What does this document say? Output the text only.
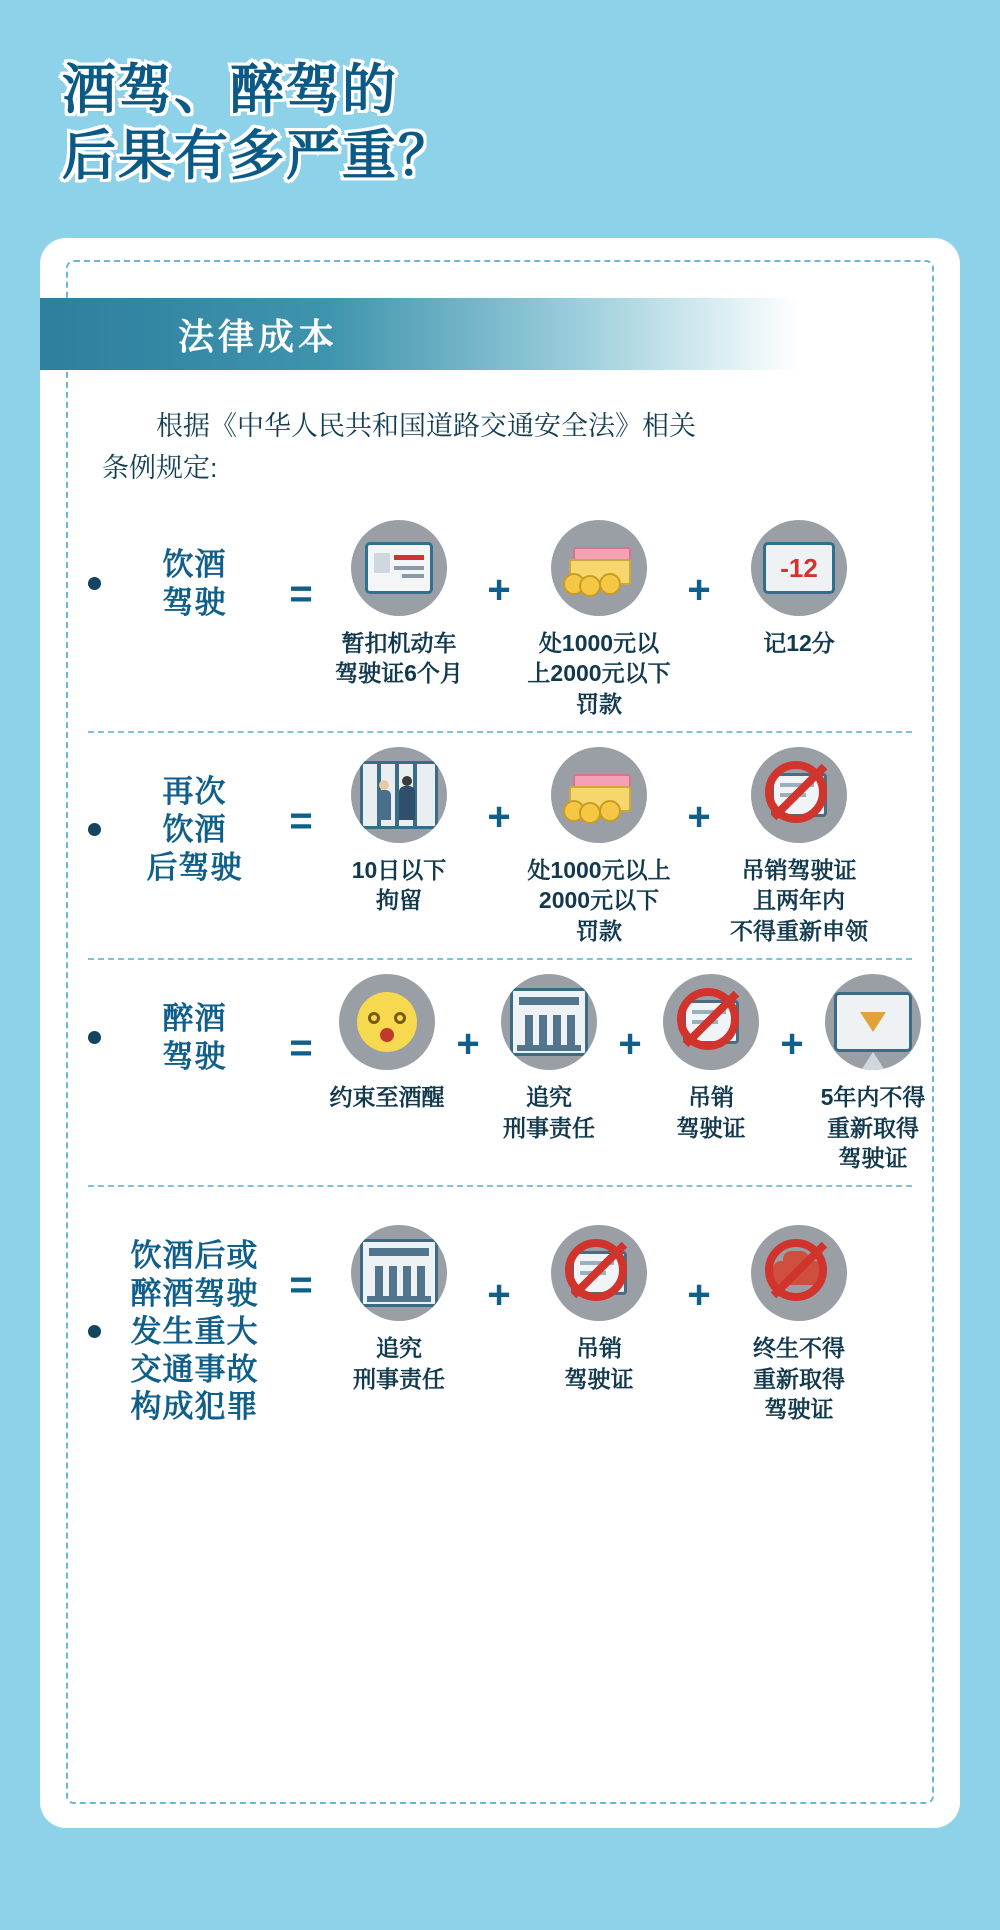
酒驾、醉驾的
后果有多严重？
法律成本
根据《中华人民共和国道路交通安全法》相关
条例规定:
饮酒
驾驶	=
暂扣机动车
驾驶证6个月
+
处1000元以
上2000元以下
罚款
+
-12
记12分
再次
饮酒
后驾驶
=
10日以下
拘留
+
处1000元以上
2000元以下
罚款
+
吊销驾驶证
且两年内
不得重新申领
醉酒
驾驶	=
约束至酒醒
+
追究
刑事责任
+
吊销
驾驶证
+
5年内不得
重新取得
驾驶证
饮酒后或
醉酒驾驶
发生重大
交通事故
构成犯罪
=
追究
刑事责任
+
吊销
驾驶证
+
终生不得
重新取得
驾驶证
